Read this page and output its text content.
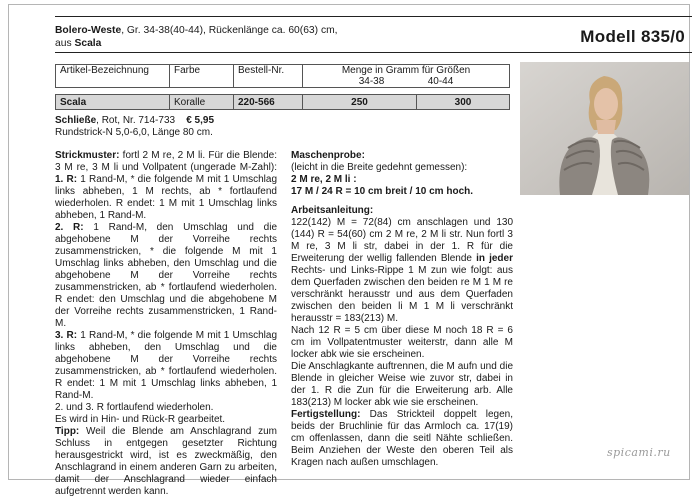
Bolero-Weste, Gr. 34-38(40-44), Rückenlänge ca. 60(63) cm,
aus Scala	Modell 835/0
Artikel-Bezeichnung	Farbe	Bestell-Nr.	Menge in Gramm für Größen
34-38	40-44
Scala	Koralle	220-566	250	300
Schließe, Rot, Nr. 714-733 € 5,95
Rundstrick-N 5,0-6,0, Länge 80 cm.

Strickmuster: fortl 2 M re, 2 M li. Für die Blende: 3 M re, 3 M li und Vollpatent (ungerade M-Zahl): 1. R: 1 Rand-M, * die folgende M mit 1 Umschlag links abheben, 1 M rechts, ab * fortlaufend wiederholen. R endet: 1 M mit 1 Umschlag links abheben, 1 Rand-M.

2. R: 1 Rand-M, den Umschlag und die abgehobene M der Vorreihe rechts zusammenstricken, * die folgende M mit 1 Umschlag links abheben, den Umschlag und die abgehobene M der Vorreihe rechts zusammenstricken, ab * fortlaufend wiederholen. R endet: den Umschlag und die abgehobene M der Vorreihe rechts zusammenstricken, 1 Rand-M.

3. R: 1 Rand-M, * die folgende M mit 1 Umschlag links abheben, den Umschlag und die abgehobene M der Vorreihe rechts zusammenstricken, ab * fortlaufend wiederholen. R endet: 1 M mit 1 Umschlag links abheben, 1 Rand-M.

2. und 3. R fortlaufend wiederholen.

Es wird in Hin- und Rück-R gearbeitet.

Tipp: Weil die Blende am Anschlagrand zum Schluss in entgegen gesetzter Richtung herausgestrickt wird, ist es zweckmäßig, den Anschlagrand in einem anderen Garn zu arbeiten, damit der Anschlagrand wieder einfach aufgetrennt werden kann.

Maschenprobe:

(leicht in die Breite gedehnt gemessen):

2 M re, 2 M li :

17 M / 24 R = 10 cm breit / 10 cm hoch.

Arbeitsanleitung:

122(142) M = 72(84) cm anschlagen und 130 (144) R = 54(60) cm 2 M re, 2 M li str. Nun fortl 3 M re, 3 M li str, dabei in der 1. R für die Erweiterung der wellig fallenden Blende in jeder Rechts- und Links-Rippe 1 M zun wie folgt: aus dem Querfaden zwischen den beiden re M 1 M re verschränkt herausstr und aus dem Querfaden zwischen den beiden li M 1 M li verschränkt herausstr = 183(213) M.

Nach 12 R = 5 cm über diese M noch 18 R = 6 cm im Vollpatentmuster weiterstr, dann alle M locker abk wie sie erscheinen.

Die Anschlagkante auftrennen, die M aufn und die Blende in gleicher Weise wie zuvor str, dabei in der 1. R die Zun für die Erweiterung arb. Alle 183(213) M locker abk wie sie erscheinen.

Fertigstellung: Das Strickteil doppelt legen, beids der Bruchlinie für das Armloch ca. 17(19) cm offenlassen, dann die seitl Nähte schließen. Beim Anziehen der Weste den oberen Teil als Kragen nach außen umschlagen.

spicami.ru
